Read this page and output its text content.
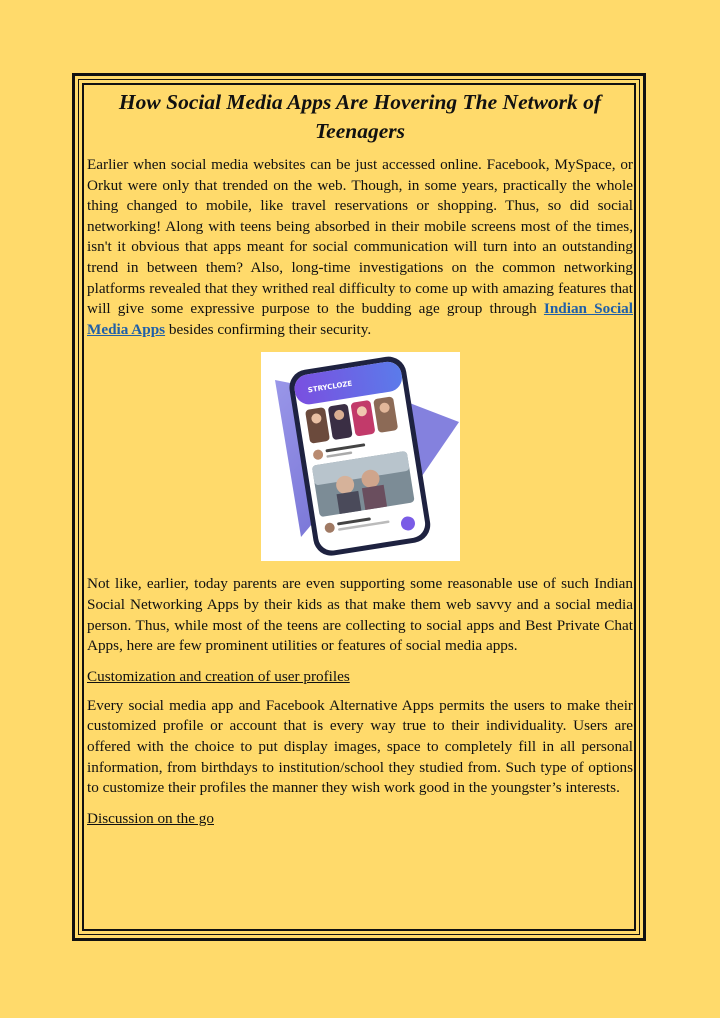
How Social Media Apps Are Hovering The Network of Teenagers

Earlier when social media websites can be just accessed online. Facebook, MySpace, or Orkut were only that trended on the web. Though, in some years, practically the whole thing changed to mobile, like travel reservations or shopping. Thus, so did social networking! Along with teens being absorbed in their mobile screens most of the times, isn't it obvious that apps meant for social communication will turn into an outstanding trend in between them? Also, long-time investigations on the common networking platforms revealed that they writhed real difficulty to come up with amazing features that will give some expressive purpose to the budding age group through Indian Social Media Apps besides confirming their security.

STRYCLOZE

Not like, earlier, today parents are even supporting some reasonable use of such Indian Social Networking Apps by their kids as that make them web savvy and a social media person. Thus, while most of the teens are collecting to social apps and Best Private Chat Apps, here are few prominent utilities or features of social media apps.

Customization and creation of user profiles

Every social media app and Facebook Alternative Apps permits the users to make their customized profile or account that is every way true to their individuality. Users are offered with the choice to put display images, space to completely fill in all personal information, from birthdays to institution/school they studied from. Such type of options to customize their profiles the manner they wish work good in the youngster’s interests.

Discussion on the go
